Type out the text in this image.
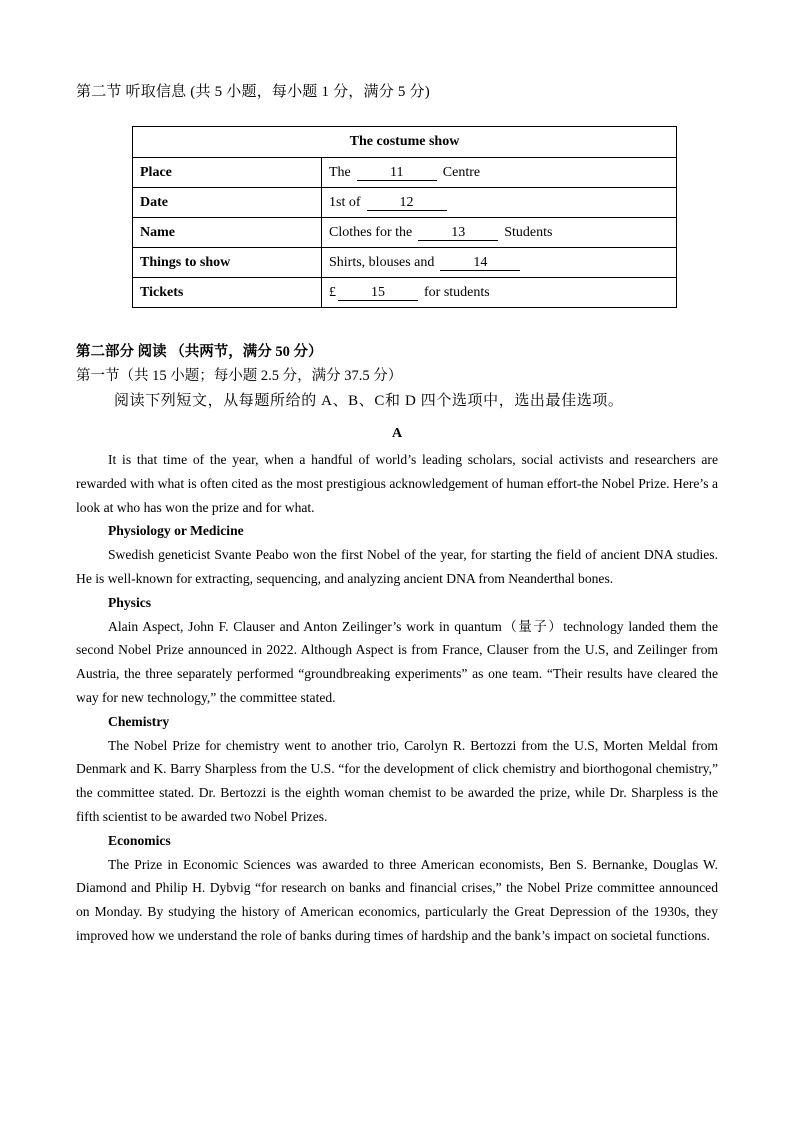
第二节 听取信息 (共 5 小题，每小题 1 分，满分 5 分)
The costume show	
Place	The 11 Centre
Date	1st of 12
Name	Clothes for the 13 Students
Things to show	Shirts, blouses and 14
Tickets	£ 15 for students
第二部分 阅读 （共两节，满分 50 分）
第一节（共 15 小题；每小题 2.5 分，满分 37.5 分）
阅读下列短文，从每题所给的 A、B、C和 D 四个选项中，选出最佳选项。
A

It is that time of the year, when a handful of world’s leading scholars, social activists and researchers are rewarded with what is often cited as the most prestigious acknowledgement of human effort-the Nobel Prize. Here’s a look at who has won the prize and for what.

Physiology or Medicine

Swedish geneticist Svante Peabo won the first Nobel of the year, for starting the field of ancient DNA studies. He is well-known for extracting, sequencing, and analyzing ancient DNA from Neanderthal bones.

Physics

Alain Aspect, John F. Clauser and Anton Zeilinger’s work in quantum（量子）technology landed them the second Nobel Prize announced in 2022. Although Aspect is from France, Clauser from the U.S, and Zeilinger from Austria, the three separately performed “groundbreaking experiments” as one team. “Their results have cleared the way for new technology,” the committee stated.

Chemistry

The Nobel Prize for chemistry went to another trio, Carolyn R. Bertozzi from the U.S, Morten Meldal from Denmark and K. Barry Sharpless from the U.S. “for the development of click chemistry and biorthogonal chemistry,” the committee stated. Dr. Bertozzi is the eighth woman chemist to be awarded the prize, while Dr. Sharpless is the fifth scientist to be awarded two Nobel Prizes.

Economics

The Prize in Economic Sciences was awarded to three American economists, Ben S. Bernanke, Douglas W. Diamond and Philip H. Dybvig “for research on banks and financial crises,” the Nobel Prize committee announced on Monday. By studying the history of American economics, particularly the Great Depression of the 1930s, they improved how we understand the role of banks during times of hardship and the bank’s impact on societal functions.
